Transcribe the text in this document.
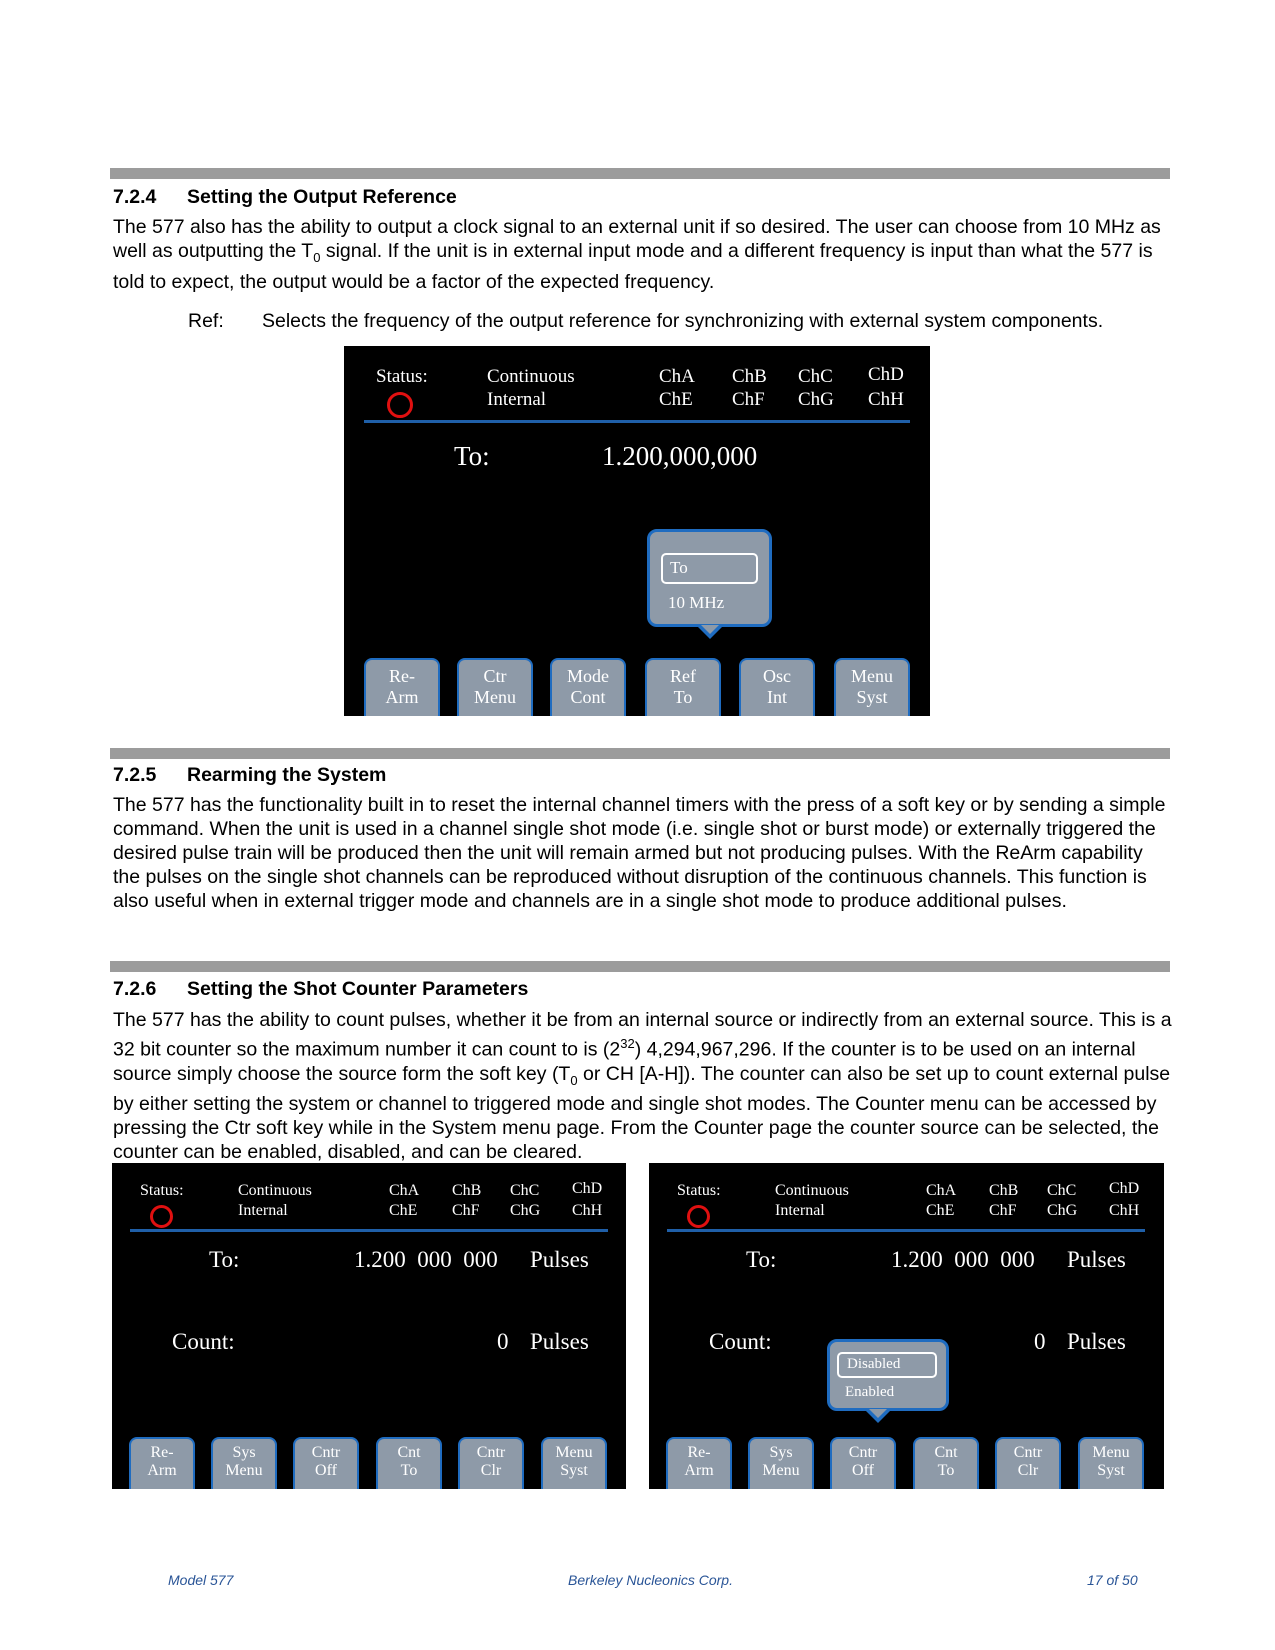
7.2.4 Setting the Output Reference

The 577 also has the ability to output a clock signal to an external unit if so desired. The user can choose from 10 MHz as well as outputting the $T_0$ signal. If the unit is in external input mode and a different frequency is input than what the 577 is told to expect, the output would be a factor of the expected frequency.

Ref: Selects the frequency of the output reference for synchronizing with external system components.
Status:	Continuous
Internal
ChA ChB ChC ChD
ChE ChF ChG ChH
To:	1.200,000,000
To
10 MHz
Re-
Arm
Ctr
Menu
Mode
Cont
Ref
To
Osc
Int
Menu
Syst
7.2.5 Rearming the System

The 577 has the functionality built in to reset the internal channel timers with the press of a soft key or by sending a simple command. When the unit is used in a channel single shot mode (i.e. single shot or burst mode) or externally triggered the desired pulse train will be produced then the unit will remain armed but not producing pulses. With the ReArm capability the pulses on the single shot channels can be reproduced without disruption of the continuous channels. This function is also useful when in external trigger mode and channels are in a single shot mode to produce additional pulses.

7.2.6 Setting the Shot Counter Parameters

The 577 has the ability to count pulses, whether it be from an internal source or indirectly from an external source. This is a 32 bit counter so the maximum number it can count to is $(2^{32})$ 4,294,967,296. If the counter is to be used on an internal source simply choose the source form the soft key ($T_0$ or CH [A-H]). The counter can also be set up to count external pulse by either setting the system or channel to triggered mode and single shot modes. The Counter menu can be accessed by pressing the Ctr soft key while in the System menu page. From the Counter page the counter source can be selected, the counter can be enabled, disabled, and can be cleared.

Status:	Continuous
Internal
ChA ChB ChC ChD
ChE ChF ChG ChH
To:	1.200  000  000 Pulses
Count:	0 Pulses
Re-
Arm
Sys
Menu
Cntr
Off
Cnt
To
Cntr
Clr
Menu
Syst
Status:	Continuous
Internal
ChA ChB ChC ChD
ChE ChF ChG ChH
To:	1.200  000  000 Pulses
Count:	0 Pulses
Disabled
Enabled
Re-
Arm
Sys
Menu
Cntr
Off
Cnt
To
Cntr
Clr
Menu
Syst
Model 577	Berkeley Nucleonics Corp.	17 of 50
